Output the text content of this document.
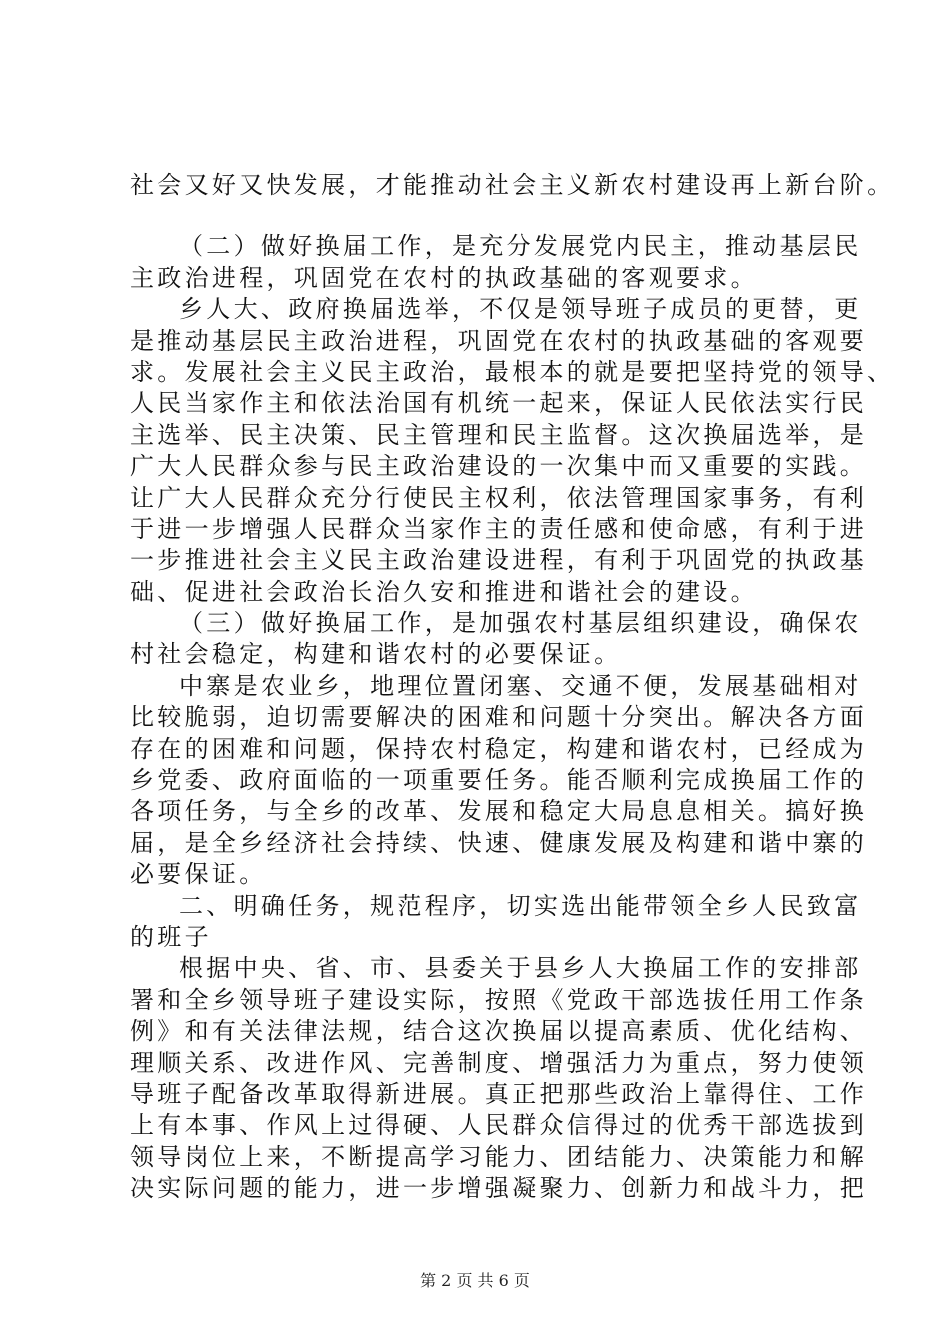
社会又好又快发展，才能推动社会主义新农村建设再上新台阶。
（二）做好换届工作，是充分发展党内民主，推动基层民
主政治进程，巩固党在农村的执政基础的客观要求。
乡人大、政府换届选举，不仅是领导班子成员的更替，更
是推动基层民主政治进程，巩固党在农村的执政基础的客观要
求。发展社会主义民主政治，最根本的就是要把坚持党的领导、
人民当家作主和依法治国有机统一起来，保证人民依法实行民
主选举、民主决策、民主管理和民主监督。这次换届选举，是
广大人民群众参与民主政治建设的一次集中而又重要的实践。
让广大人民群众充分行使民主权利，依法管理国家事务，有利
于进一步增强人民群众当家作主的责任感和使命感，有利于进
一步推进社会主义民主政治建设进程，有利于巩固党的执政基
础、促进社会政治长治久安和推进和谐社会的建设。
（三）做好换届工作，是加强农村基层组织建设，确保农
村社会稳定，构建和谐农村的必要保证。
中寨是农业乡，地理位置闭塞、交通不便，发展基础相对
比较脆弱，迫切需要解决的困难和问题十分突出。解决各方面
存在的困难和问题，保持农村稳定，构建和谐农村，已经成为
乡党委、政府面临的一项重要任务。能否顺利完成换届工作的
各项任务，与全乡的改革、发展和稳定大局息息相关。搞好换
届，是全乡经济社会持续、快速、健康发展及构建和谐中寨的
必要保证。
二、明确任务，规范程序，切实选出能带领全乡人民致富
的班子
根据中央、省、市、县委关于县乡人大换届工作的安排部
署和全乡领导班子建设实际，按照《党政干部选拔任用工作条
例》和有关法律法规，结合这次换届以提高素质、优化结构、
理顺关系、改进作风、完善制度、增强活力为重点，努力使领
导班子配备改革取得新进展。真正把那些政治上靠得住、工作
上有本事、作风上过得硬、人民群众信得过的优秀干部选拔到
领导岗位上来，不断提高学习能力、团结能力、决策能力和解
决实际问题的能力，进一步增强凝聚力、创新力和战斗力，把
第 2 页 共 6 页
